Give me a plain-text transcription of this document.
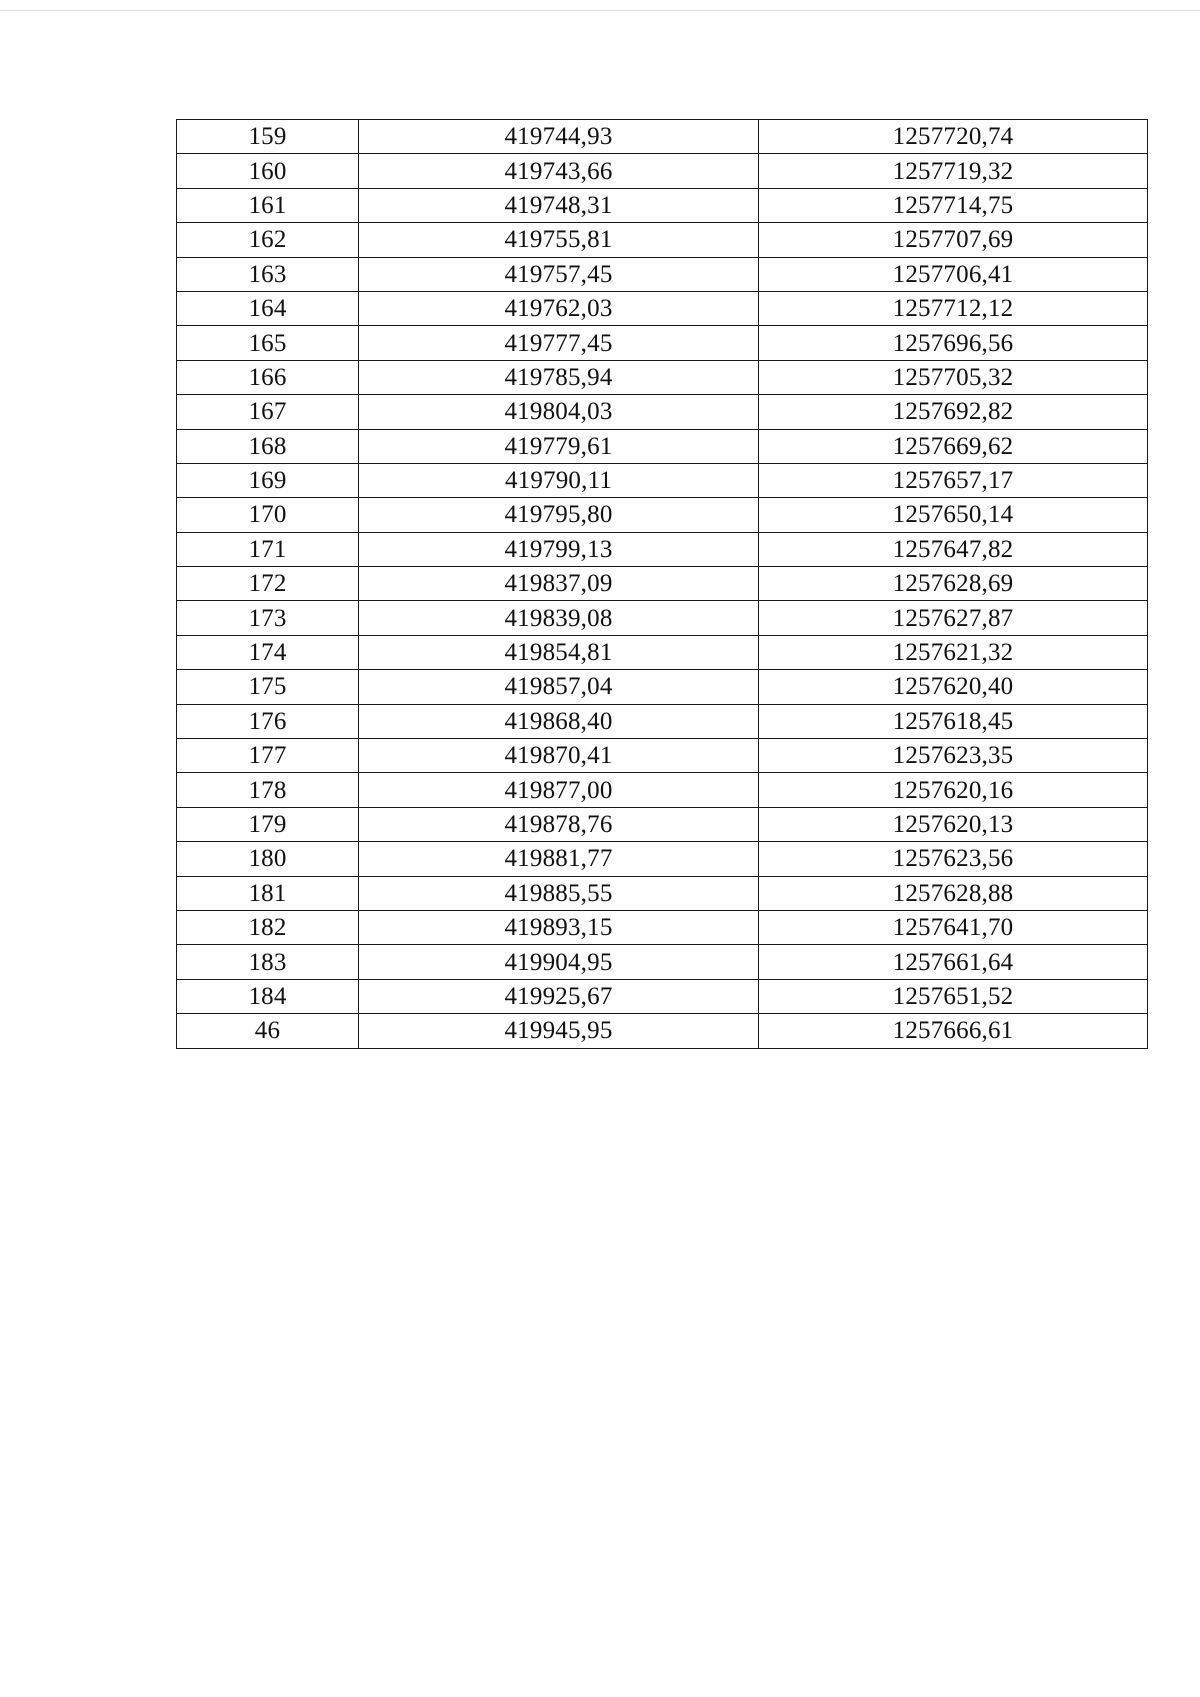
159	419744,93	1257720,74
160	419743,66	1257719,32
161	419748,31	1257714,75
162	419755,81	1257707,69
163	419757,45	1257706,41
164	419762,03	1257712,12
165	419777,45	1257696,56
166	419785,94	1257705,32
167	419804,03	1257692,82
168	419779,61	1257669,62
169	419790,11	1257657,17
170	419795,80	1257650,14
171	419799,13	1257647,82
172	419837,09	1257628,69
173	419839,08	1257627,87
174	419854,81	1257621,32
175	419857,04	1257620,40
176	419868,40	1257618,45
177	419870,41	1257623,35
178	419877,00	1257620,16
179	419878,76	1257620,13
180	419881,77	1257623,56
181	419885,55	1257628,88
182	419893,15	1257641,70
183	419904,95	1257661,64
184	419925,67	1257651,52
46	419945,95	1257666,61
